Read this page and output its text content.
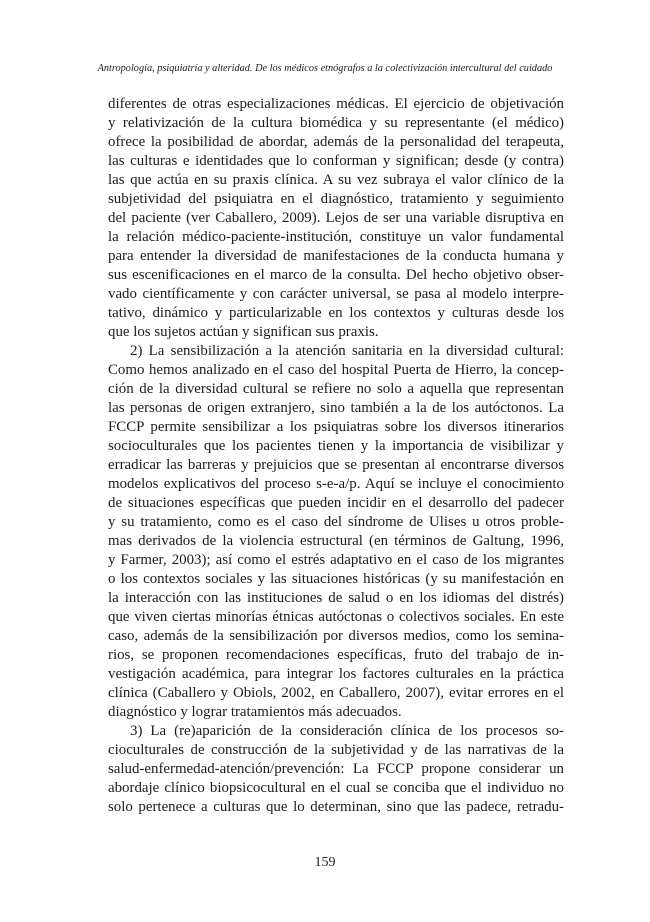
Antropología, psiquiatría y alteridad. De los médicos etnógrafos a la colectivización intercultural del cuidado
diferentes de otras especializaciones médicas. El ejercicio de objetivación
y relativización de la cultura biomédica y su representante (el médico)
ofrece la posibilidad de abordar, además de la personalidad del terapeuta,
las culturas e identidades que lo conforman y significan; desde (y contra)
las que actúa en su praxis clínica. A su vez subraya el valor clínico de la
subjetividad del psiquiatra en el diagnóstico, tratamiento y seguimiento
del paciente (ver Caballero, 2009). Lejos de ser una variable disruptiva en
la relación médico-paciente-institución, constituye un valor fundamental
para entender la diversidad de manifestaciones de la conducta humana y
sus escenificaciones en el marco de la consulta. Del hecho objetivo obser-
vado científicamente y con carácter universal, se pasa al modelo interpre-
tativo, dinámico y particularizable en los contextos y culturas desde los
que los sujetos actúan y significan sus praxis.
2) La sensibilización a la atención sanitaria en la diversidad cultural:
Como hemos analizado en el caso del hospital Puerta de Hierro, la concep-
ción de la diversidad cultural se refiere no solo a aquella que representan
las personas de origen extranjero, sino también a la de los autóctonos. La
FCCP permite sensibilizar a los psiquiatras sobre los diversos itinerarios
socioculturales que los pacientes tienen y la importancia de visibilizar y
erradicar las barreras y prejuicios que se presentan al encontrarse diversos
modelos explicativos del proceso s-e-a/p. Aquí se incluye el conocimiento
de situaciones específicas que pueden incidir en el desarrollo del padecer
y su tratamiento, como es el caso del síndrome de Ulises u otros proble-
mas derivados de la violencia estructural (en términos de Galtung, 1996,
y Farmer, 2003); así como el estrés adaptativo en el caso de los migrantes
o los contextos sociales y las situaciones históricas (y su manifestación en
la interacción con las instituciones de salud o en los idiomas del distrés)
que viven ciertas minorías étnicas autóctonas o colectivos sociales. En este
caso, además de la sensibilización por diversos medios, como los semina-
rios, se proponen recomendaciones específicas, fruto del trabajo de in-
vestigación académica, para integrar los factores culturales en la práctica
clínica (Caballero y Obiols, 2002, en Caballero, 2007), evitar errores en el
diagnóstico y lograr tratamientos más adecuados.
3) La (re)aparición de la consideración clínica de los procesos so-
cioculturales de construcción de la subjetividad y de las narrativas de la
salud-enfermedad-atención/prevención: La FCCP propone considerar un
abordaje clínico biopsicocultural en el cual se conciba que el individuo no
solo pertenece a culturas que lo determinan, sino que las padece, retradu-
159
